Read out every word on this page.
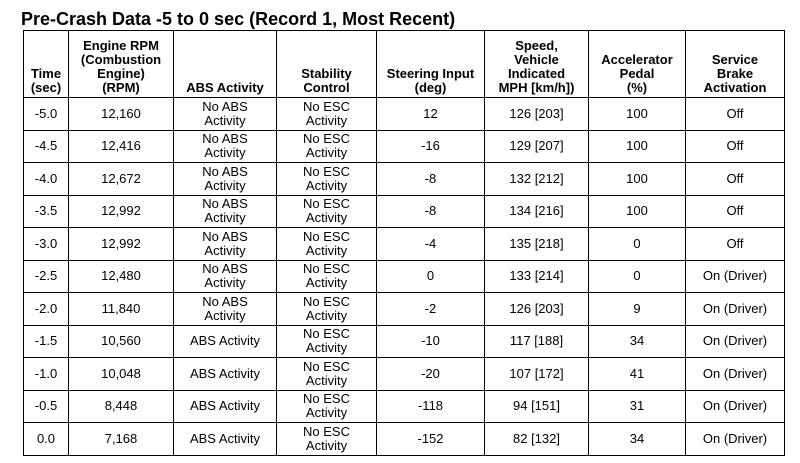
Pre-Crash Data -5 to 0 sec (Record 1, Most Recent)
Time
(sec)	Engine RPM
(Combustion
Engine)
(RPM)	ABS Activity	Stability
Control	Steering Input
(deg)	Speed,
Vehicle
Indicated
MPH [km/h])	Accelerator
Pedal
(%)	Service
Brake
Activation
-5.0	12,160	No ABS
Activity	No ESC
Activity	12	126 [203]	100	Off
-4.5	12,416	No ABS
Activity	No ESC
Activity	-16	129 [207]	100	Off
-4.0	12,672	No ABS
Activity	No ESC
Activity	-8	132 [212]	100	Off
-3.5	12,992	No ABS
Activity	No ESC
Activity	-8	134 [216]	100	Off
-3.0	12,992	No ABS
Activity	No ESC
Activity	-4	135 [218]	0	Off
-2.5	12,480	No ABS
Activity	No ESC
Activity	0	133 [214]	0	On (Driver)
-2.0	11,840	No ABS
Activity	No ESC
Activity	-2	126 [203]	9	On (Driver)
-1.5	10,560	ABS Activity	No ESC
Activity	-10	117 [188]	34	On (Driver)
-1.0	10,048	ABS Activity	No ESC
Activity	-20	107 [172]	41	On (Driver)
-0.5	8,448	ABS Activity	No ESC
Activity	-118	94 [151]	31	On (Driver)
0.0	7,168	ABS Activity	No ESC
Activity	-152	82 [132]	34	On (Driver)
